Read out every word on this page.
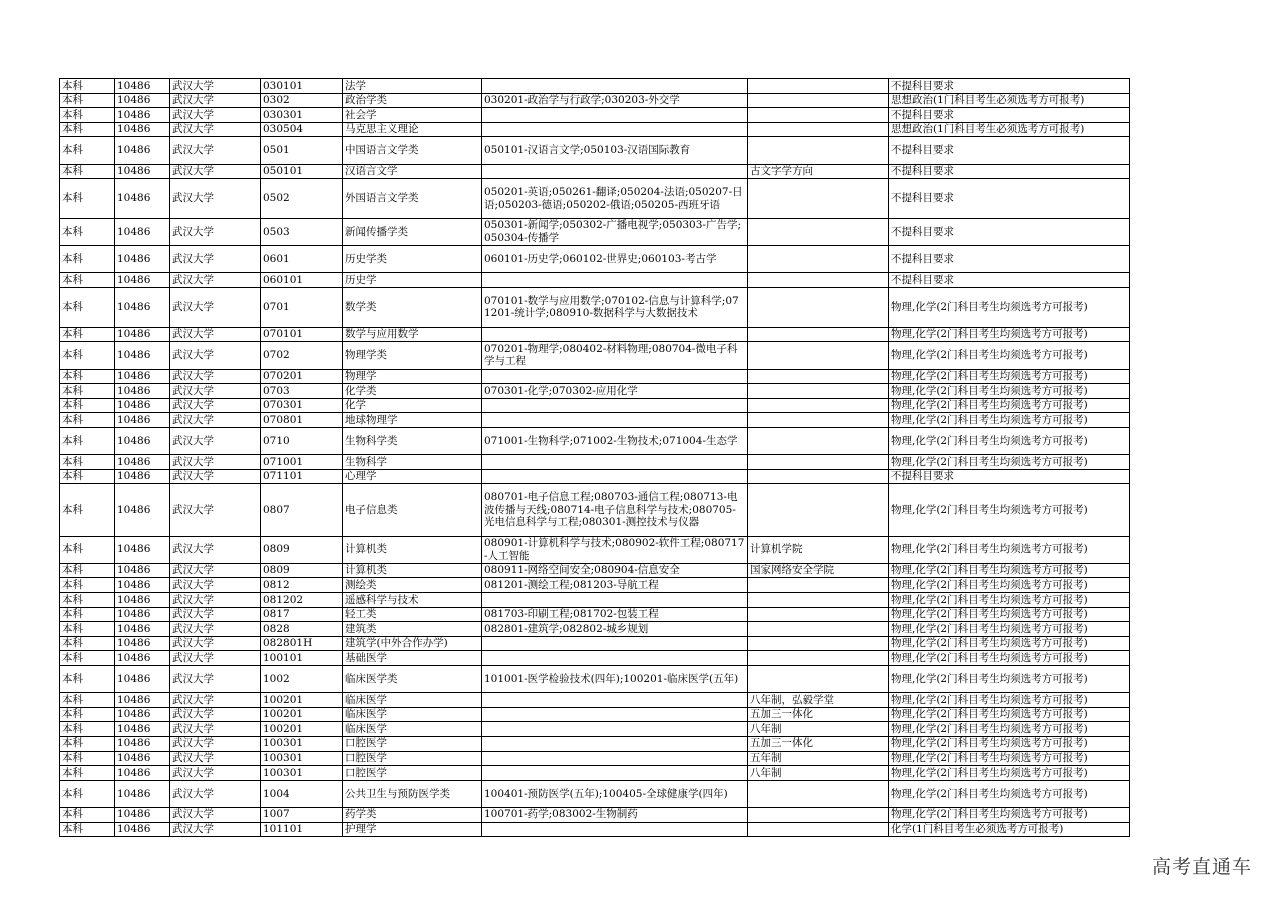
本科	10486	武汉大学	030101	法学			不提科目要求
本科	10486	武汉大学	0302	政治学类	030201-政治学与行政学;030203-外交学		思想政治(1门科目考生必须选考方可报考)
本科	10486	武汉大学	030301	社会学			不提科目要求
本科	10486	武汉大学	030504	马克思主义理论			思想政治(1门科目考生必须选考方可报考)
本科	10486	武汉大学	0501	中国语言文学类	050101-汉语言文学;050103-汉语国际教育		不提科目要求
本科	10486	武汉大学	050101	汉语言文学		古文字学方向	不提科目要求
本科	10486	武汉大学	0502	外国语言文学类	050201-英语;050261-翻译;050204-法语;050207-日语;050203-德语;050202-俄语;050205-西班牙语		不提科目要求
本科	10486	武汉大学	0503	新闻传播学类	050301-新闻学;050302-广播电视学;050303-广告学;050304-传播学		不提科目要求
本科	10486	武汉大学	0601	历史学类	060101-历史学;060102-世界史;060103-考古学		不提科目要求
本科	10486	武汉大学	060101	历史学			不提科目要求
本科	10486	武汉大学	0701	数学类	070101-数学与应用数学;070102-信息与计算科学;071201-统计学;080910-数据科学与大数据技术		物理,化学(2门科目考生均须选考方可报考)
本科	10486	武汉大学	070101	数学与应用数学			物理,化学(2门科目考生均须选考方可报考)
本科	10486	武汉大学	0702	物理学类	070201-物理学;080402-材料物理;080704-微电子科学与工程		物理,化学(2门科目考生均须选考方可报考)
本科	10486	武汉大学	070201	物理学			物理,化学(2门科目考生均须选考方可报考)
本科	10486	武汉大学	0703	化学类	070301-化学;070302-应用化学		物理,化学(2门科目考生均须选考方可报考)
本科	10486	武汉大学	070301	化学			物理,化学(2门科目考生均须选考方可报考)
本科	10486	武汉大学	070801	地球物理学			物理,化学(2门科目考生均须选考方可报考)
本科	10486	武汉大学	0710	生物科学类	071001-生物科学;071002-生物技术;071004-生态学		物理,化学(2门科目考生均须选考方可报考)
本科	10486	武汉大学	071001	生物科学			物理,化学(2门科目考生均须选考方可报考)
本科	10486	武汉大学	071101	心理学			不提科目要求
本科	10486	武汉大学	0807	电子信息类	080701-电子信息工程;080703-通信工程;080713-电波传播与天线;080714-电子信息科学与技术;080705-光电信息科学与工程;080301-测控技术与仪器		物理,化学(2门科目考生均须选考方可报考)
本科	10486	武汉大学	0809	计算机类	080901-计算机科学与技术;080902-软件工程;080717-人工智能	计算机学院	物理,化学(2门科目考生均须选考方可报考)
本科	10486	武汉大学	0809	计算机类	080911-网络空间安全;080904-信息安全	国家网络安全学院	物理,化学(2门科目考生均须选考方可报考)
本科	10486	武汉大学	0812	测绘类	081201-测绘工程;081203-导航工程		物理,化学(2门科目考生均须选考方可报考)
本科	10486	武汉大学	081202	遥感科学与技术			物理,化学(2门科目考生均须选考方可报考)
本科	10486	武汉大学	0817	轻工类	081703-印刷工程;081702-包装工程		物理,化学(2门科目考生均须选考方可报考)
本科	10486	武汉大学	0828	建筑类	082801-建筑学;082802-城乡规划		物理,化学(2门科目考生均须选考方可报考)
本科	10486	武汉大学	082801H	建筑学(中外合作办学)			物理,化学(2门科目考生均须选考方可报考)
本科	10486	武汉大学	100101	基础医学			物理,化学(2门科目考生均须选考方可报考)
本科	10486	武汉大学	1002	临床医学类	101001-医学检验技术(四年);100201-临床医学(五年)		物理,化学(2门科目考生均须选考方可报考)
本科	10486	武汉大学	100201	临床医学		八年制，弘毅学堂	物理,化学(2门科目考生均须选考方可报考)
本科	10486	武汉大学	100201	临床医学		五加三一体化	物理,化学(2门科目考生均须选考方可报考)
本科	10486	武汉大学	100201	临床医学		八年制	物理,化学(2门科目考生均须选考方可报考)
本科	10486	武汉大学	100301	口腔医学		五加三一体化	物理,化学(2门科目考生均须选考方可报考)
本科	10486	武汉大学	100301	口腔医学		五年制	物理,化学(2门科目考生均须选考方可报考)
本科	10486	武汉大学	100301	口腔医学		八年制	物理,化学(2门科目考生均须选考方可报考)
本科	10486	武汉大学	1004	公共卫生与预防医学类	100401-预防医学(五年);100405-全球健康学(四年)		物理,化学(2门科目考生均须选考方可报考)
本科	10486	武汉大学	1007	药学类	100701-药学;083002-生物制药		物理,化学(2门科目考生均须选考方可报考)
本科	10486	武汉大学	101101	护理学			化学(1门科目考生必须选考方可报考)
高考直通车
